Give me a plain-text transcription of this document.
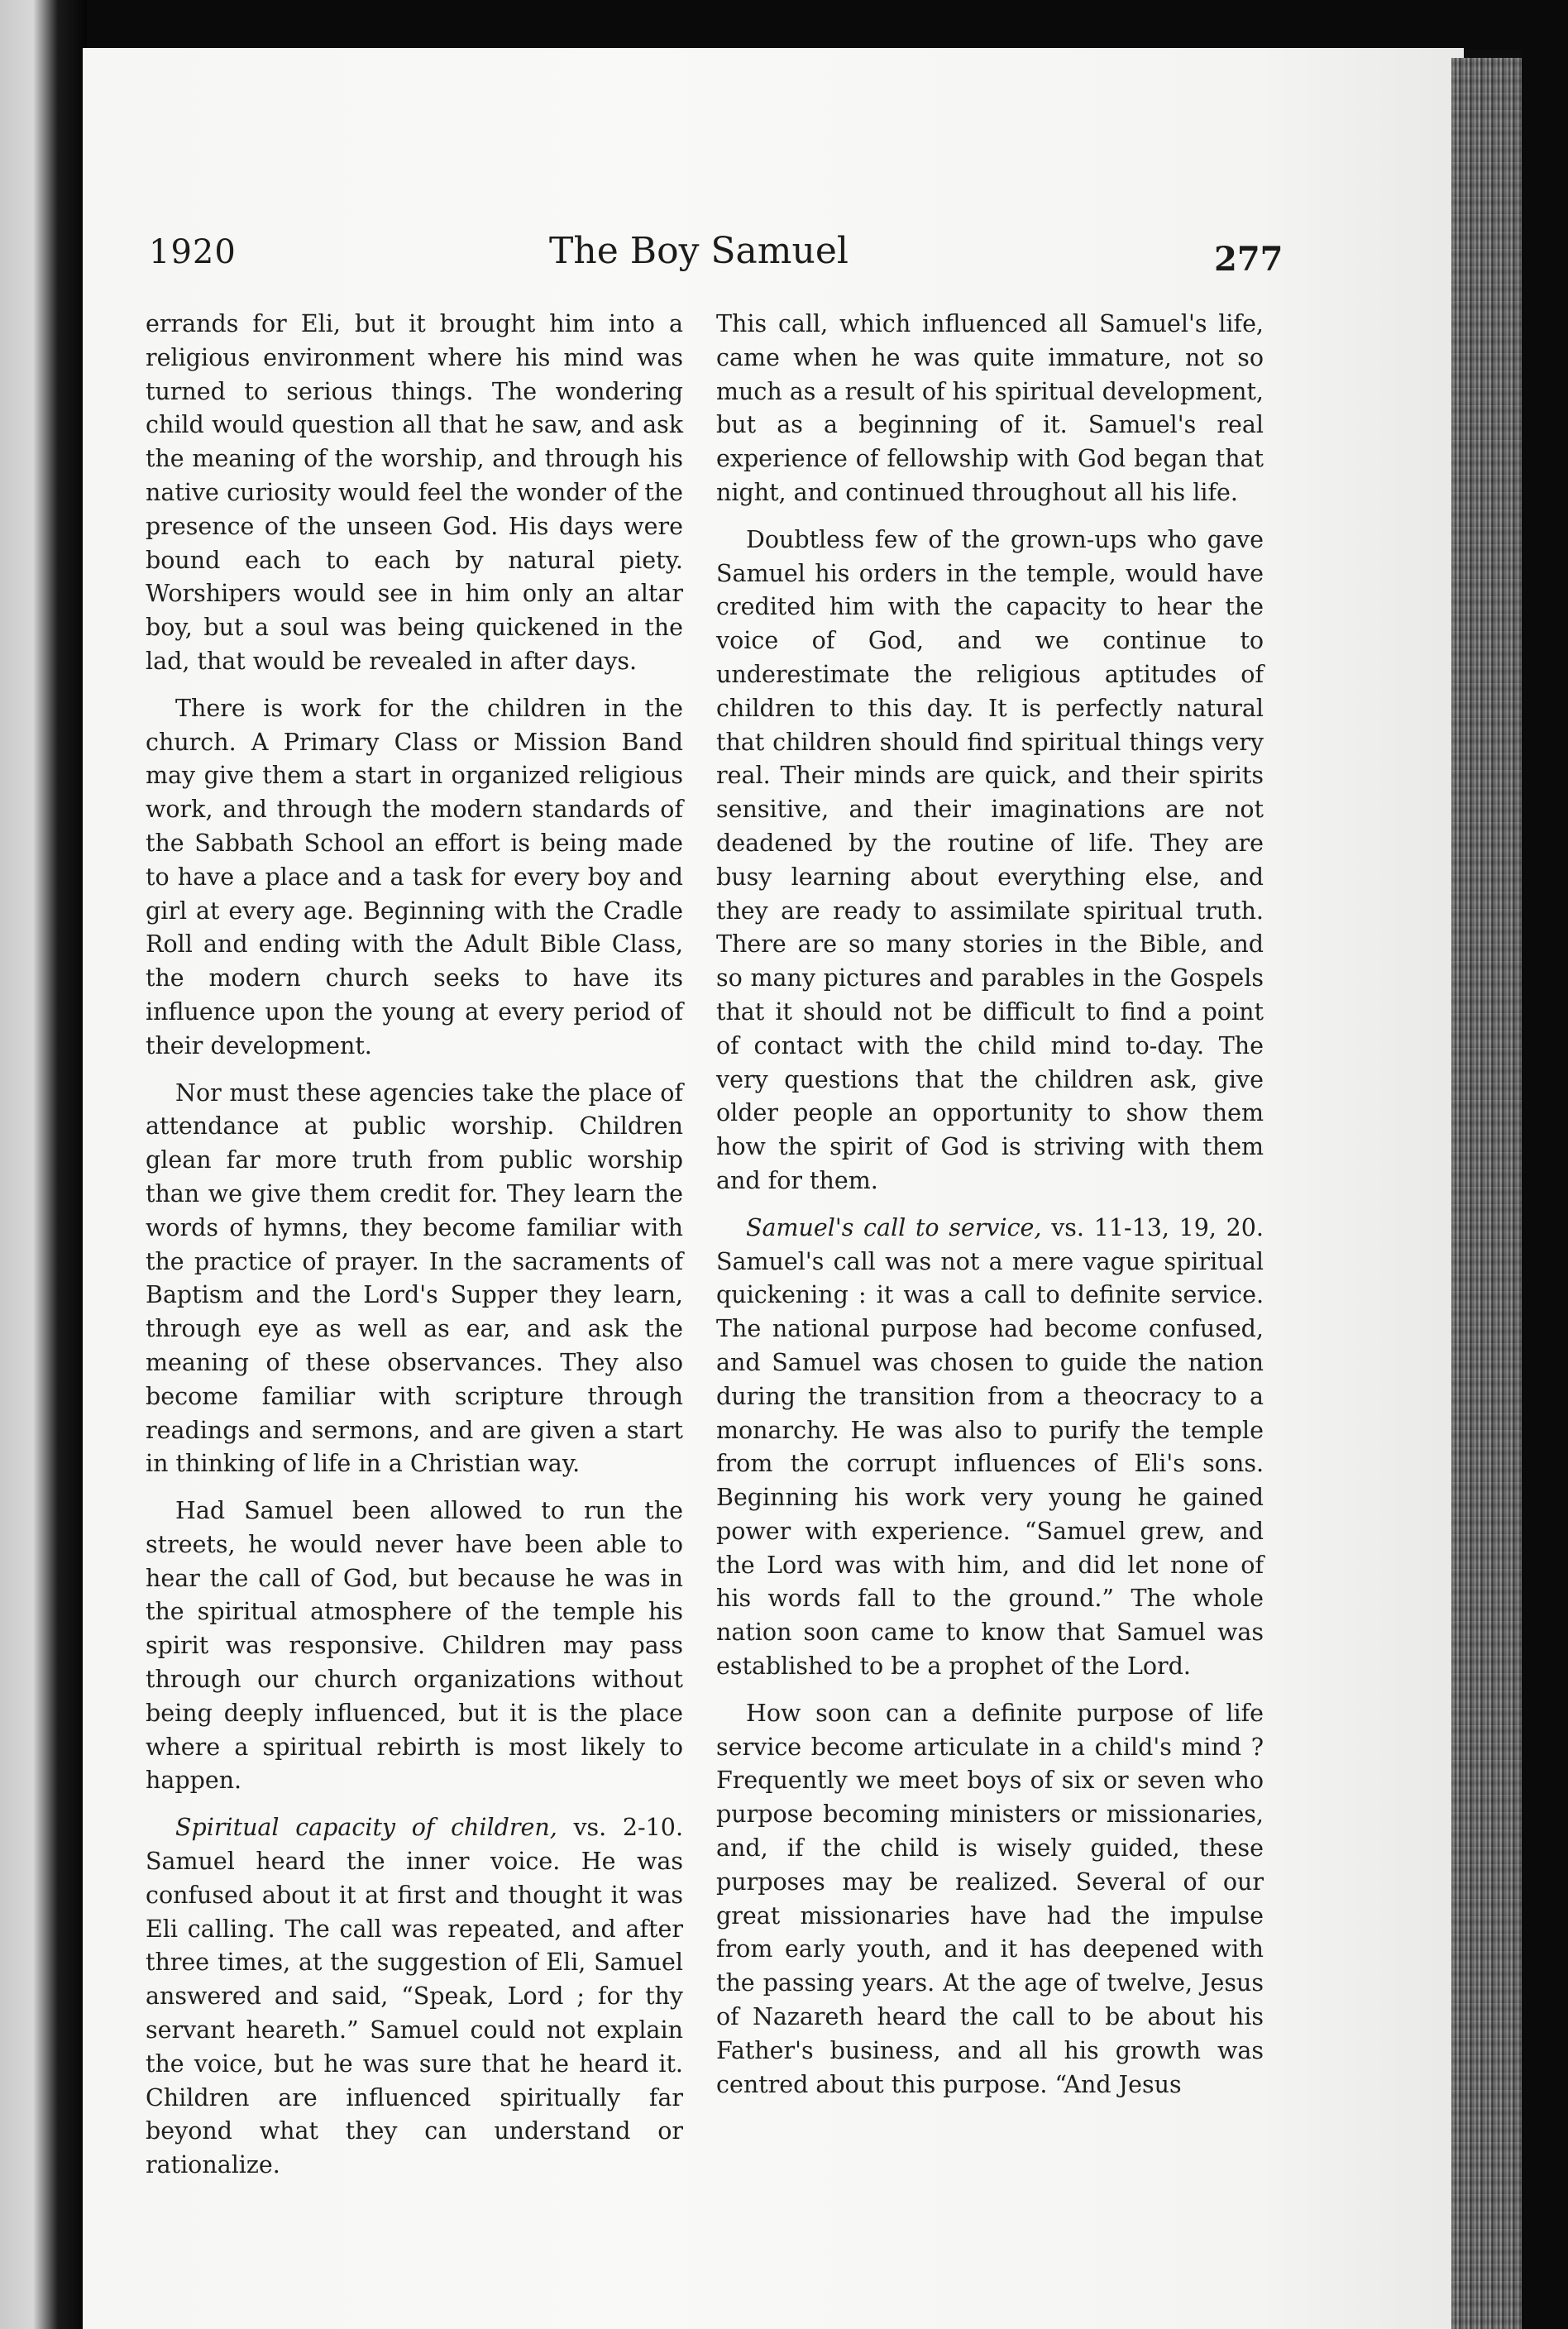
1920	The Boy Samuel	277

errands for Eli, but it brought him into a religious environment where his mind was turned to serious things. The wondering child would question all that he saw, and ask the meaning of the worship, and through his native curiosity would feel the wonder of the presence of the unseen God. His days were bound each to each by natural piety. Worshipers would see in him only an altar boy, but a soul was being quickened in the lad, that would be revealed in after days.

There is work for the children in the church. A Primary Class or Mission Band may give them a start in organized religious work, and through the modern standards of the Sabbath School an effort is being made to have a place and a task for every boy and girl at every age. Beginning with the Cradle Roll and ending with the Adult Bible Class, the modern church seeks to have its influence upon the young at every period of their development.

Nor must these agencies take the place of attendance at public worship. Children glean far more truth from public worship than we give them credit for. They learn the words of hymns, they become familiar with the practice of prayer. In the sacraments of Baptism and the Lord's Supper they learn, through eye as well as ear, and ask the meaning of these observances. They also become familiar with scripture through readings and sermons, and are given a start in thinking of life in a Christian way.

Had Samuel been allowed to run the streets, he would never have been able to hear the call of God, but because he was in the spiritual atmosphere of the temple his spirit was responsive. Children may pass through our church organizations without being deeply influenced, but it is the place where a spiritual rebirth is most likely to happen.

Spiritual capacity of children, vs. 2-10. Samuel heard the inner voice. He was confused about it at first and thought it was Eli calling. The call was repeated, and after three times, at the suggestion of Eli, Samuel answered and said, “Speak, Lord ; for thy servant heareth.” Samuel could not explain the voice, but he was sure that he heard it. Children are influenced spiritually far beyond what they can understand or rationalize.

This call, which influenced all Samuel's life, came when he was quite immature, not so much as a result of his spiritual development, but as a beginning of it. Samuel's real experience of fellowship with God began that night, and continued throughout all his life.

Doubtless few of the grown-ups who gave Samuel his orders in the temple, would have credited him with the capacity to hear the voice of God, and we continue to underestimate the religious aptitudes of children to this day. It is perfectly natural that children should find spiritual things very real. Their minds are quick, and their spirits sensitive, and their imaginations are not deadened by the routine of life. They are busy learning about everything else, and they are ready to assimilate spiritual truth. There are so many stories in the Bible, and so many pictures and parables in the Gospels that it should not be difficult to find a point of contact with the child mind to-day. The very questions that the children ask, give older people an opportunity to show them how the spirit of God is striving with them and for them.

Samuel's call to service, vs. 11-13, 19, 20. Samuel's call was not a mere vague spiritual quickening : it was a call to definite service. The national purpose had become confused, and Samuel was chosen to guide the nation during the transition from a theocracy to a monarchy. He was also to purify the temple from the corrupt influences of Eli's sons. Beginning his work very young he gained power with experience. “Samuel grew, and the Lord was with him, and did let none of his words fall to the ground.” The whole nation soon came to know that Samuel was established to be a prophet of the Lord.

How soon can a definite purpose of life service become articulate in a child's mind ? Frequently we meet boys of six or seven who purpose becoming ministers or missionaries, and, if the child is wisely guided, these purposes may be realized. Several of our great missionaries have had the impulse from early youth, and it has deepened with the passing years. At the age of twelve, Jesus of Nazareth heard the call to be about his Father's business, and all his growth was centred about this purpose. “And Jesus
